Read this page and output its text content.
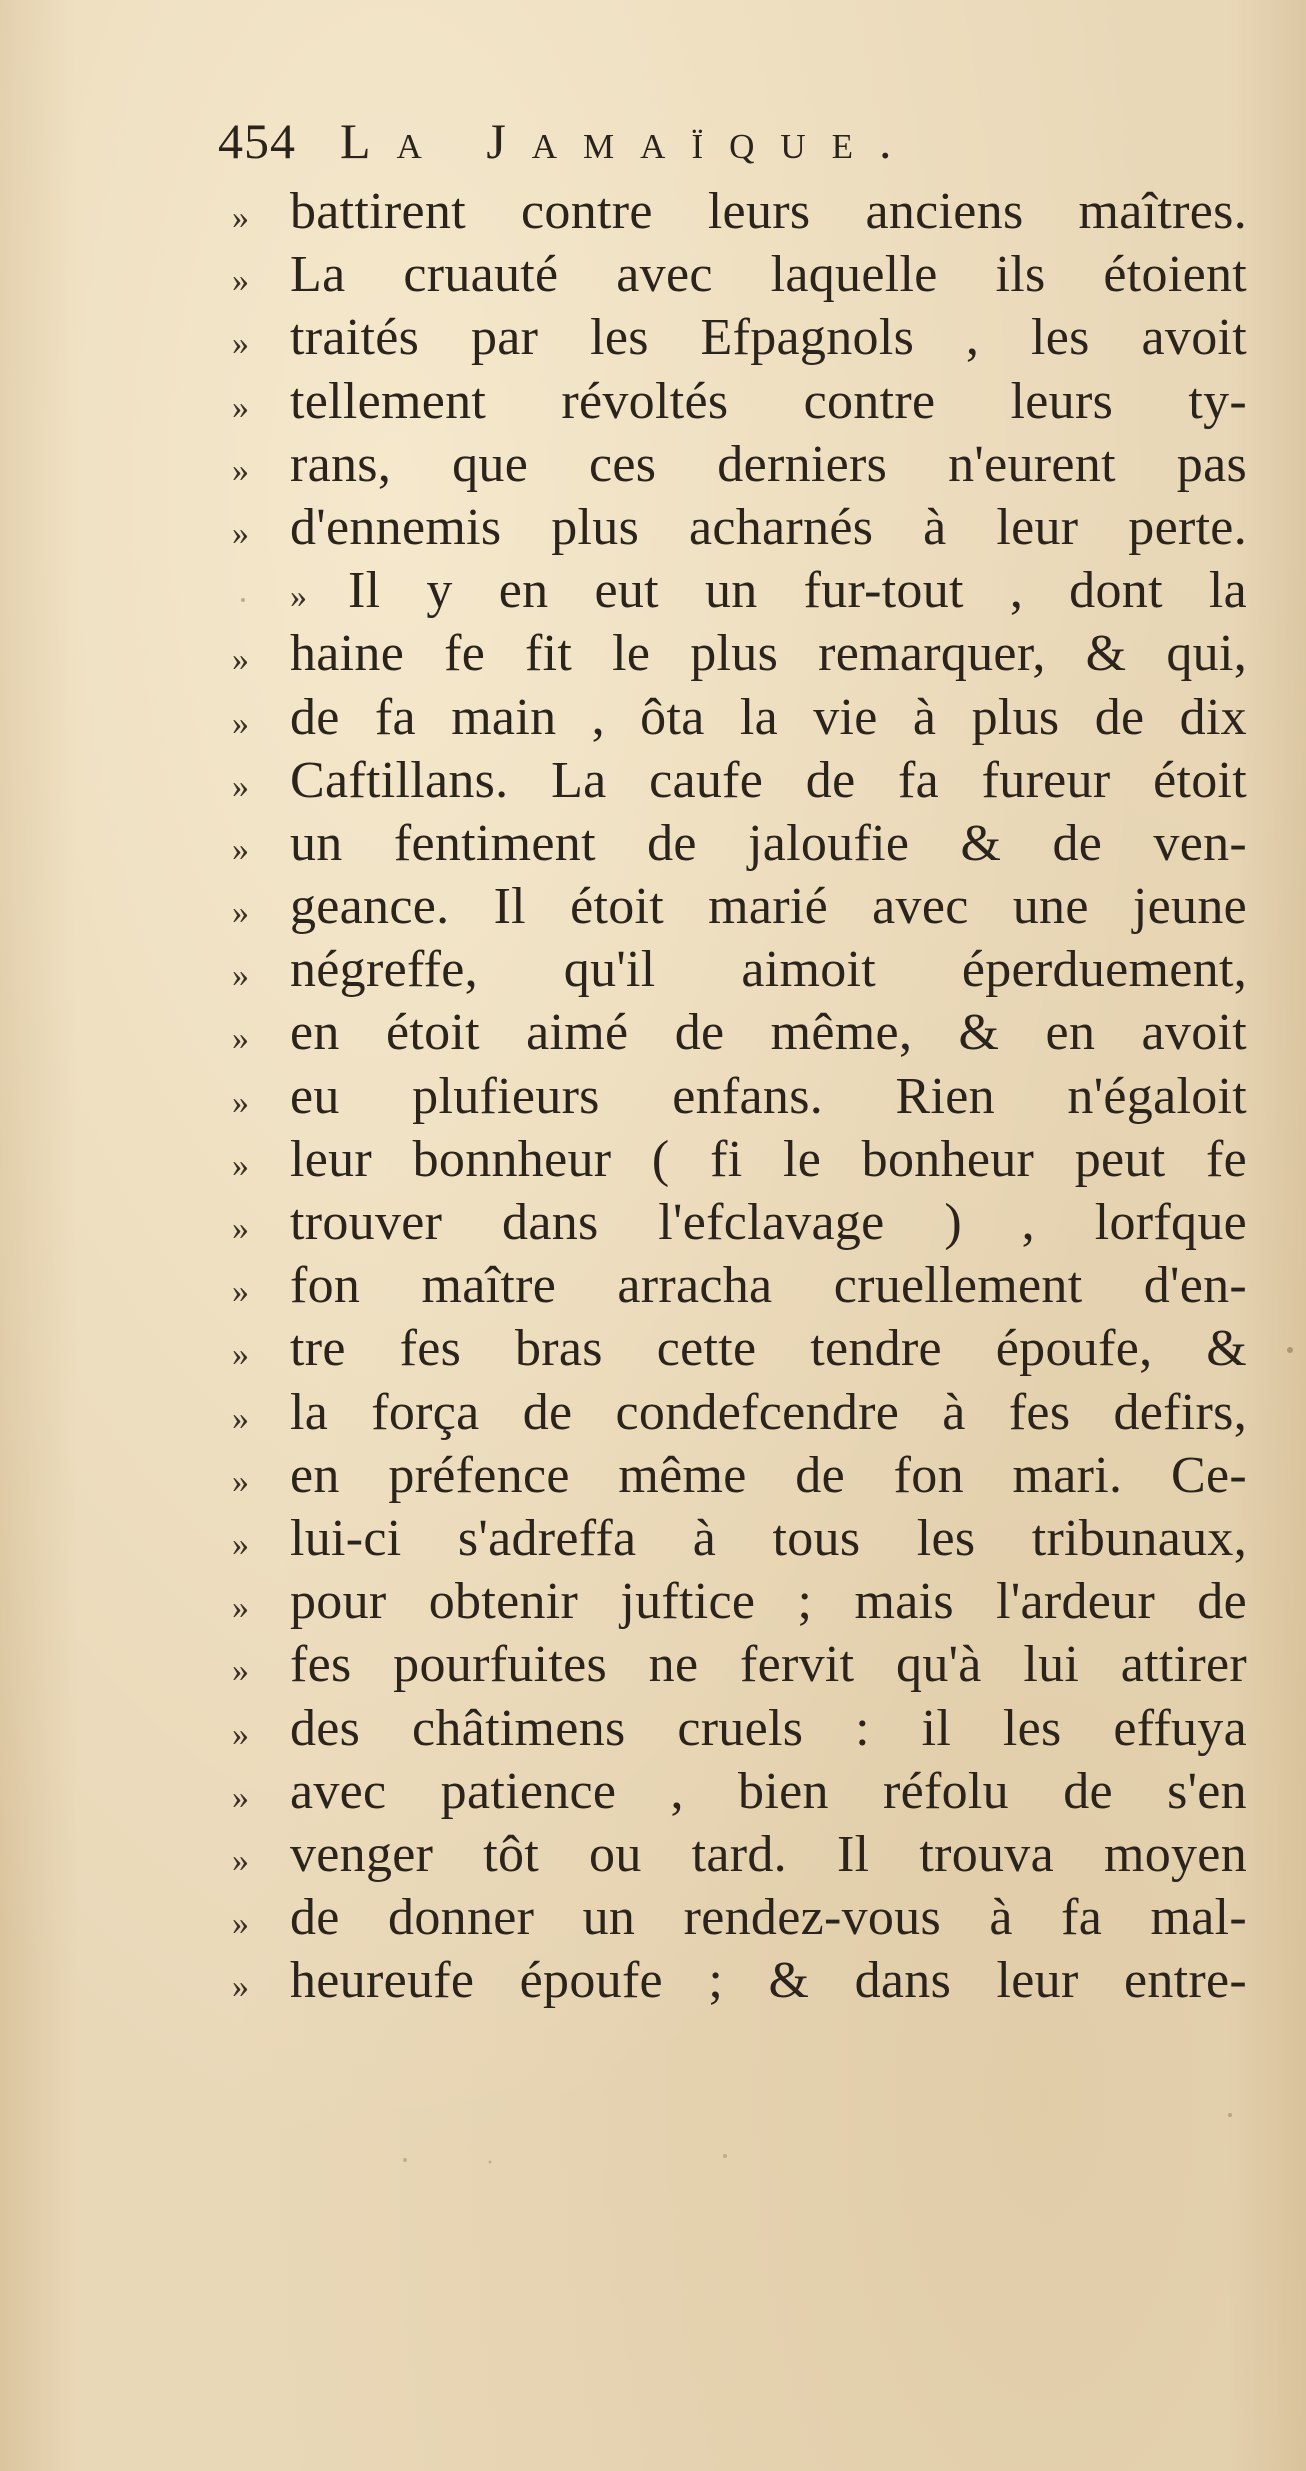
454 La Jamaïque.
» battirent contre leurs anciens maîtres.
» La cruauté avec laquelle ils étoient
» traités par les Efpagnols , les avoit
» tellement révoltés contre leurs ty-
» rans, que ces derniers n'eurent pas
» d'ennemis plus acharnés à leur perte.
» Il y en eut un fur-tout , dont la
» haine fe fit le plus remarquer, & qui,
» de fa main , ôta la vie à plus de dix
» Caftillans. La caufe de fa fureur étoit
» un fentiment de jaloufie & de ven-
» geance. Il étoit marié avec une jeune
» négreffe, qu'il aimoit éperduement,
» en étoit aimé de même, & en avoit
» eu plufieurs enfans. Rien n'égaloit
» leur bonnheur ( fi le bonheur peut fe
» trouver dans l'efclavage ) , lorfque
» fon maître arracha cruellement d'en-
» tre fes bras cette tendre époufe, &
» la força de condefcendre à fes defirs,
» en préfence même de fon mari. Ce-
» lui-ci s'adreffa à tous les tribunaux,
» pour obtenir juftice ; mais l'ardeur de
» fes pourfuites ne fervit qu'à lui attirer
» des châtimens cruels : il les effuya
» avec patience , bien réfolu de s'en
» venger tôt ou tard. Il trouva moyen
» de donner un rendez-vous à fa mal-
» heureufe époufe ; & dans leur entre-
